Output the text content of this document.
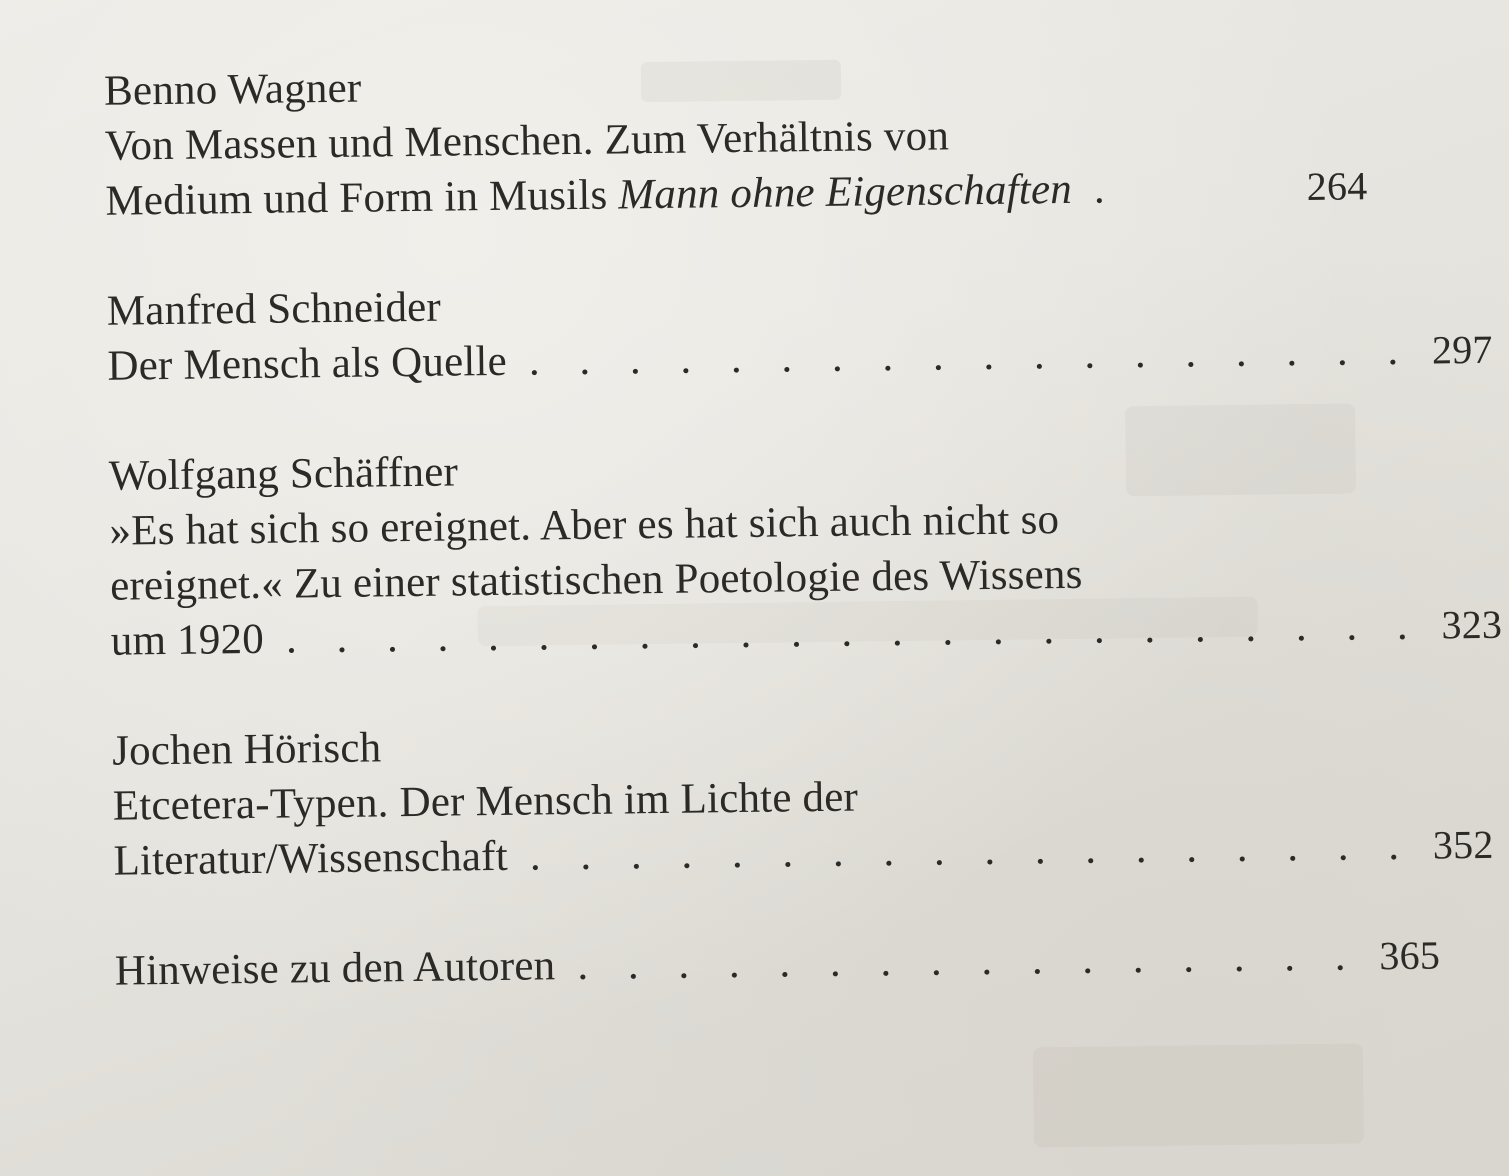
Benno Wagner
Von Massen und Menschen. Zum Verhältnis von
Medium und Form in Musils Mann ohne Eigenschaften .	264
Manfred Schneider
Der Mensch als Quelle . . . . . . . . . . . . . . . . . . 297
Wolfgang Schäffner
»Es hat sich so ereignet. Aber es hat sich auch nicht so
ereignet.« Zu einer statistischen Poetologie des Wissens
um 1920 . . . . . . . . . . . . . . . . . . . . . . . 323
Jochen Hörisch
Etcetera-Typen. Der Mensch im Lichte der
Literatur/Wissenschaft . . . . . . . . . . . . . . . . . . 352
Hinweise zu den Autoren . . . . . . . . . . . . . . . . 365
